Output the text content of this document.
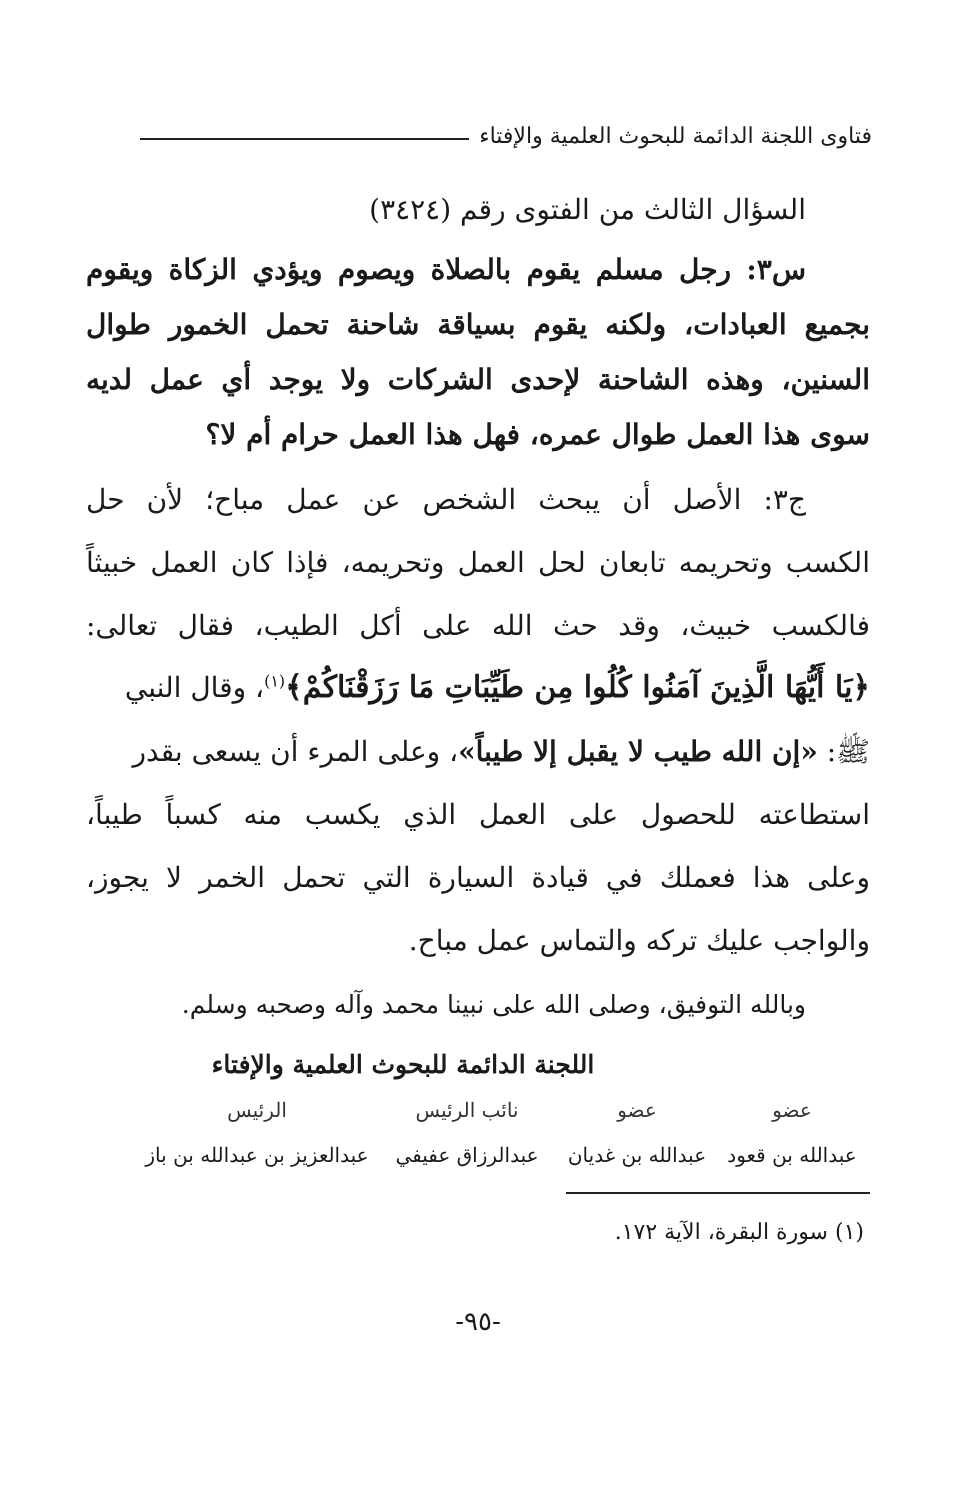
فتاوى اللجنة الدائمة للبحوث العلمية والإفتاء
السؤال الثالث من الفتوى رقم (٣٤٢٤)
س٣: رجل مسلم يقوم بالصلاة ويصوم ويؤدي الزكاة ويقوم
بجميع العبادات، ولكنه يقوم بسياقة شاحنة تحمل الخمور طوال
السنين، وهذه الشاحنة لإحدى الشركات ولا يوجد أي عمل لديه
سوى هذا العمل طوال عمره، فهل هذا العمل حرام أم لا؟
ج٣: الأصل أن يبحث الشخص عن عمل مباح؛ لأن حل
الكسب وتحريمه تابعان لحل العمل وتحريمه، فإذا كان العمل خبيثاً
فالكسب خبيث، وقد حث الله على أكل الطيب، فقال تعالى:
﴿يَا أَيُّهَا الَّذِينَ آمَنُوا كُلُوا مِن طَيِّبَاتِ مَا رَزَقْنَاكُمْ﴾$^{(١)}$، وقال النبي
ﷺ: «إن الله طيب لا يقبل إلا طيباً»، وعلى المرء أن يسعى بقدر
استطاعته للحصول على العمل الذي يكسب منه كسباً طيباً،
وعلى هذا فعملك في قيادة السيارة التي تحمل الخمر لا يجوز،
والواجب عليك تركه والتماس عمل مباح.
وبالله التوفيق، وصلى الله على نبينا محمد وآله وصحبه وسلم.
اللجنة الدائمة للبحوث العلمية والإفتاء
عضو
عبدالله بن قعود
عضو
عبدالله بن غديان
نائب الرئيس
عبدالرزاق عفيفي
الرئيس
عبدالعزيز بن عبدالله بن باز
(١) سورة البقرة، الآية ١٧٢.
-٩٥-
